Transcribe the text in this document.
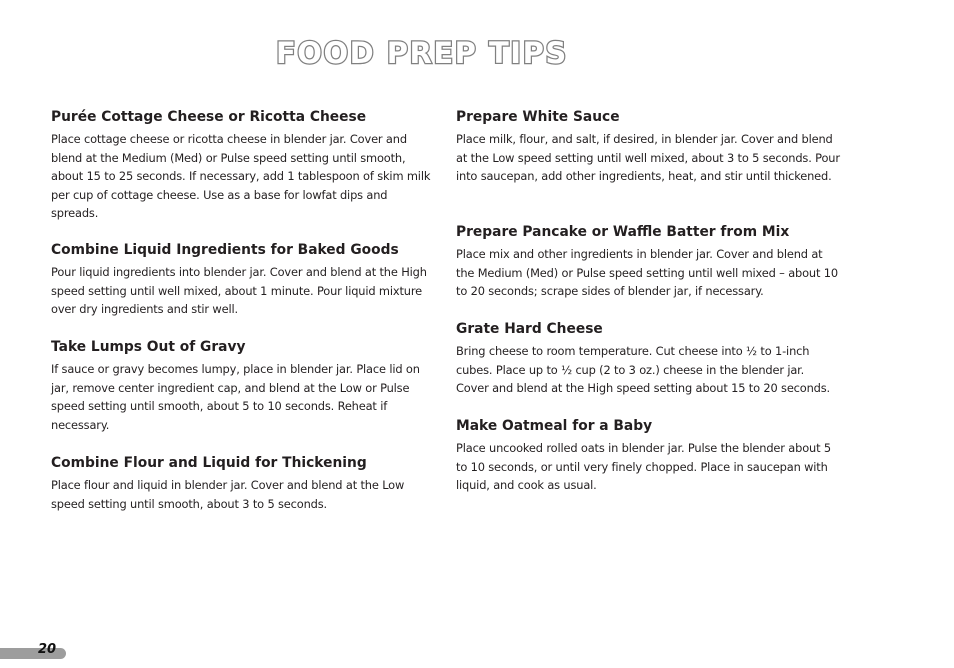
FOOD PREP TIPS
Purée Cottage Cheese or Ricotta Cheese

Place cottage cheese or ricotta cheese in blender jar. Cover and blend at the Medium (Med) or Pulse speed setting until smooth, about 15 to 25 seconds. If necessary, add 1 tablespoon of skim milk per cup of cottage cheese. Use as a base for lowfat dips and spreads.

Combine Liquid Ingredients for Baked Goods

Pour liquid ingredients into blender jar. Cover and blend at the High speed setting until well mixed, about 1 minute. Pour liquid mixture over dry ingredients and stir well.

Take Lumps Out of Gravy

If sauce or gravy becomes lumpy, place in blender jar. Place lid on jar, remove center ingredient cap, and blend at the Low or Pulse speed setting until smooth, about 5 to 10 seconds. Reheat if necessary.

Combine Flour and Liquid for Thickening

Place flour and liquid in blender jar. Cover and blend at the Low speed setting until smooth, about 3 to 5 seconds.

Prepare White Sauce

Place milk, flour, and salt, if desired, in blender jar. Cover and blend at the Low speed setting until well mixed, about 3 to 5 seconds. Pour into saucepan, add other ingredients, heat, and stir until thickened.

Prepare Pancake or Waffle Batter from Mix

Place mix and other ingredients in blender jar. Cover and blend at the Medium (Med) or Pulse speed setting until well mixed – about 10 to 20 seconds; scrape sides of blender jar, if necessary.

Grate Hard Cheese

Bring cheese to room temperature. Cut cheese into ½ to 1-inch cubes. Place up to ½ cup (2 to 3 oz.) cheese in the blender jar. Cover and blend at the High speed setting about 15 to 20 seconds.

Make Oatmeal for a Baby

Place uncooked rolled oats in blender jar. Pulse the blender about 5 to 10 seconds, or until very finely chopped. Place in saucepan with liquid, and cook as usual.

20
